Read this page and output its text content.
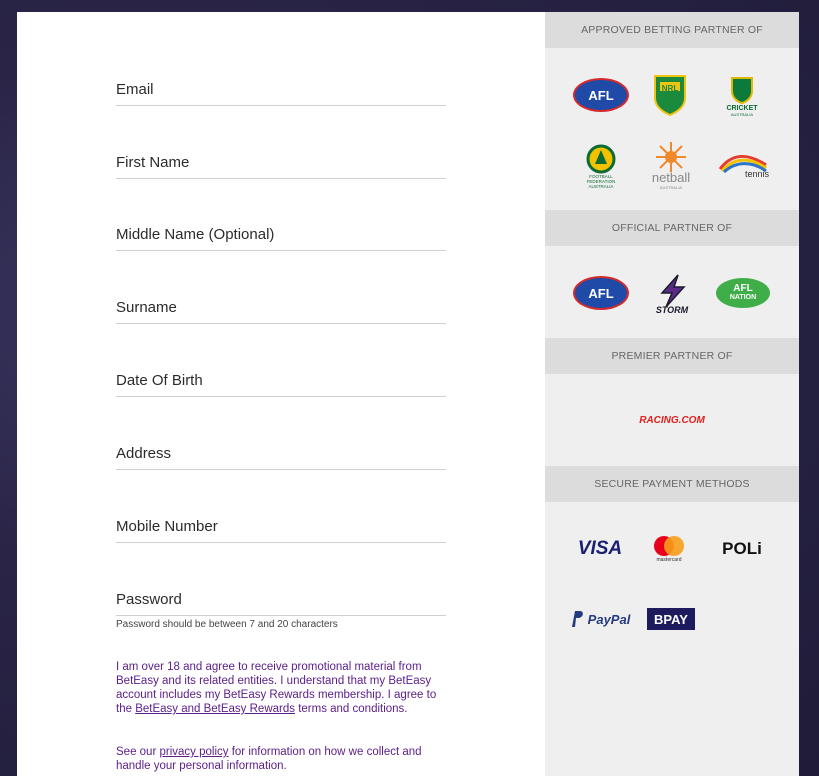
Email
First Name
Middle Name (Optional)
Surname
Date Of Birth
Address
Mobile Number
Password
Password should be between 7 and 20 characters
I am over 18 and agree to receive promotional material from BetEasy and its related entities. I understand that my BetEasy account includes my BetEasy Rewards membership. I agree to the BetEasy and BetEasy Rewards terms and conditions.
See our privacy policy for information on how we collect and handle your personal information.
APPROVED BETTING PARTNER OF
AFL	NRL
CRICKET
AUSTRALIA
FOOTBALL FEDERATION AUSTRALIA
netball
AUSTRALIA
tennis
OFFICIAL PARTNER OF
AFL
STORM
AFL
NATION
PREMIER PARTNER OF
RACING.COM
SECURE PAYMENT METHODS
VISA
mastercard
POLi
PayPal BPAY
